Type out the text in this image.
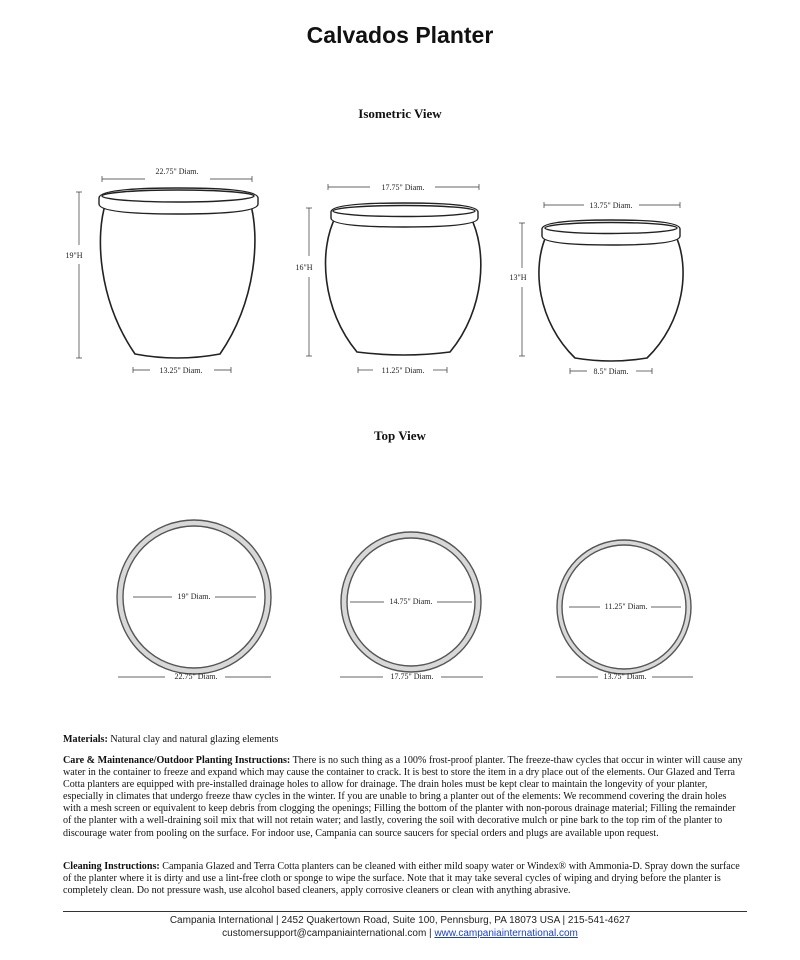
Calvados Planter
Isometric View
Top View
22.75" Diam.
19"H
13.25" Diam.
17.75" Diam.
16"H
11.25" Diam.
13.75" Diam.
13"H
8.5" Diam.
19" Diam.
22.75" Diam.
14.75" Diam.
17.75" Diam.
11.25" Diam.
13.75" Diam.

Materials: Natural clay and natural glazing elements

Care & Maintenance/Outdoor Planting Instructions: There is no such thing as a 100% frost-proof planter. The freeze-thaw cycles that occur in winter will cause any water in the container to freeze and expand which may cause the container to crack. It is best to store the item in a dry place out of the elements. Our Glazed and Terra Cotta planters are equipped with pre-installed drainage holes to allow for drainage. The drain holes must be kept clear to maintain the longevity of your planter, especially in climates that undergo freeze thaw cycles in the winter. If you are unable to bring a planter out of the elements: We recommend covering the drain holes with a mesh screen or equivalent to keep debris from clogging the openings; Filling the bottom of the planter with non-porous drainage material; Filling the remainder of the planter with a well-draining soil mix that will not retain water; and lastly, covering the soil with decorative mulch or pine bark to the top rim of the planter to discourage water from pooling on the surface. For indoor use, Campania can source saucers for special orders and plugs are available upon request.

Cleaning Instructions: Campania Glazed and Terra Cotta planters can be cleaned with either mild soapy water or Windex® with Ammonia-D. Spray down the surface of the planter where it is dirty and use a lint-free cloth or sponge to wipe the surface. Note that it may take several cycles of wiping and drying before the planter is completely clean. Do not pressure wash, use alcohol based cleaners, apply corrosive cleaners or clean with anything abrasive.

Campania International | 2452 Quakertown Road, Suite 100, Pennsburg, PA 18073 USA | 215-541-4627
customersupport@campaniainternational.com | www.campaniainternational.com
